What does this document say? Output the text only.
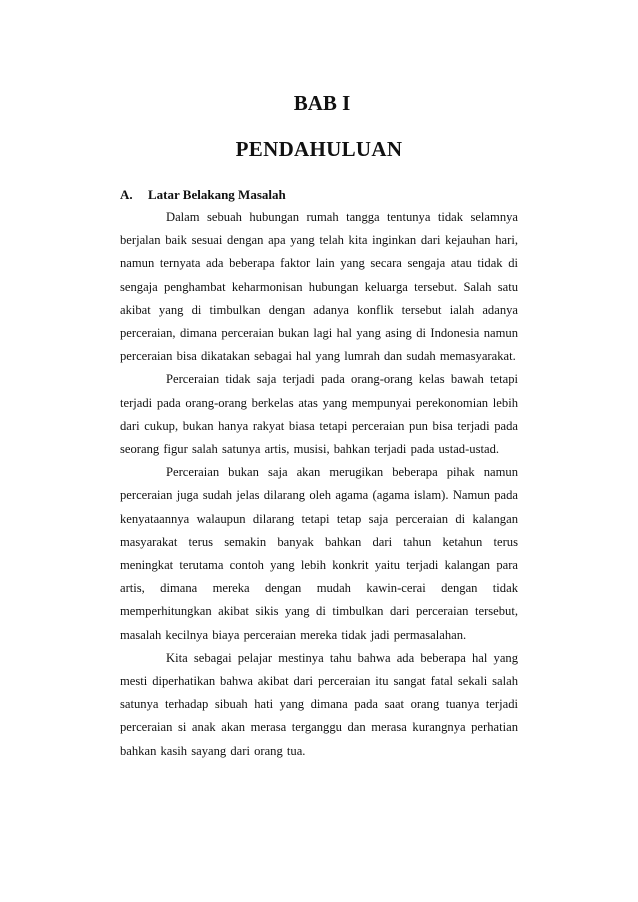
BAB I
PENDAHULUAN
A. Latar Belakang Masalah

Dalam sebuah hubungan rumah tangga tentunya tidak selamnya berjalan baik sesuai dengan apa yang telah kita inginkan dari kejauhan hari, namun ternyata ada beberapa faktor lain yang secara sengaja atau tidak di sengaja penghambat keharmonisan hubungan keluarga tersebut. Salah satu akibat yang di timbulkan dengan adanya konflik tersebut ialah adanya perceraian, dimana perceraian bukan lagi hal yang asing di Indonesia namun perceraian bisa dikatakan sebagai hal yang lumrah dan sudah memasyarakat.

Perceraian tidak saja terjadi pada orang-orang kelas bawah tetapi terjadi pada orang-orang berkelas atas yang mempunyai perekonomian lebih dari cukup, bukan hanya rakyat biasa tetapi perceraian pun bisa terjadi pada seorang figur salah satunya artis, musisi, bahkan terjadi pada ustad-ustad.

Perceraian bukan saja akan merugikan beberapa pihak namun perceraian juga sudah jelas dilarang oleh agama (agama islam). Namun pada kenyataannya walaupun dilarang tetapi tetap saja perceraian di kalangan masyarakat terus semakin banyak bahkan dari tahun ketahun terus meningkat terutama contoh yang lebih konkrit yaitu terjadi kalangan para artis, dimana mereka dengan mudah kawin-cerai dengan tidak memperhitungkan akibat sikis yang di timbulkan dari perceraian tersebut, masalah kecilnya biaya perceraian mereka tidak jadi permasalahan.

Kita sebagai pelajar mestinya tahu bahwa ada beberapa hal yang mesti diperhatikan bahwa akibat dari perceraian itu sangat fatal sekali salah satunya terhadap sibuah hati yang dimana pada saat orang tuanya terjadi perceraian si anak akan merasa terganggu dan merasa kurangnya perhatian bahkan kasih sayang dari orang tua.
